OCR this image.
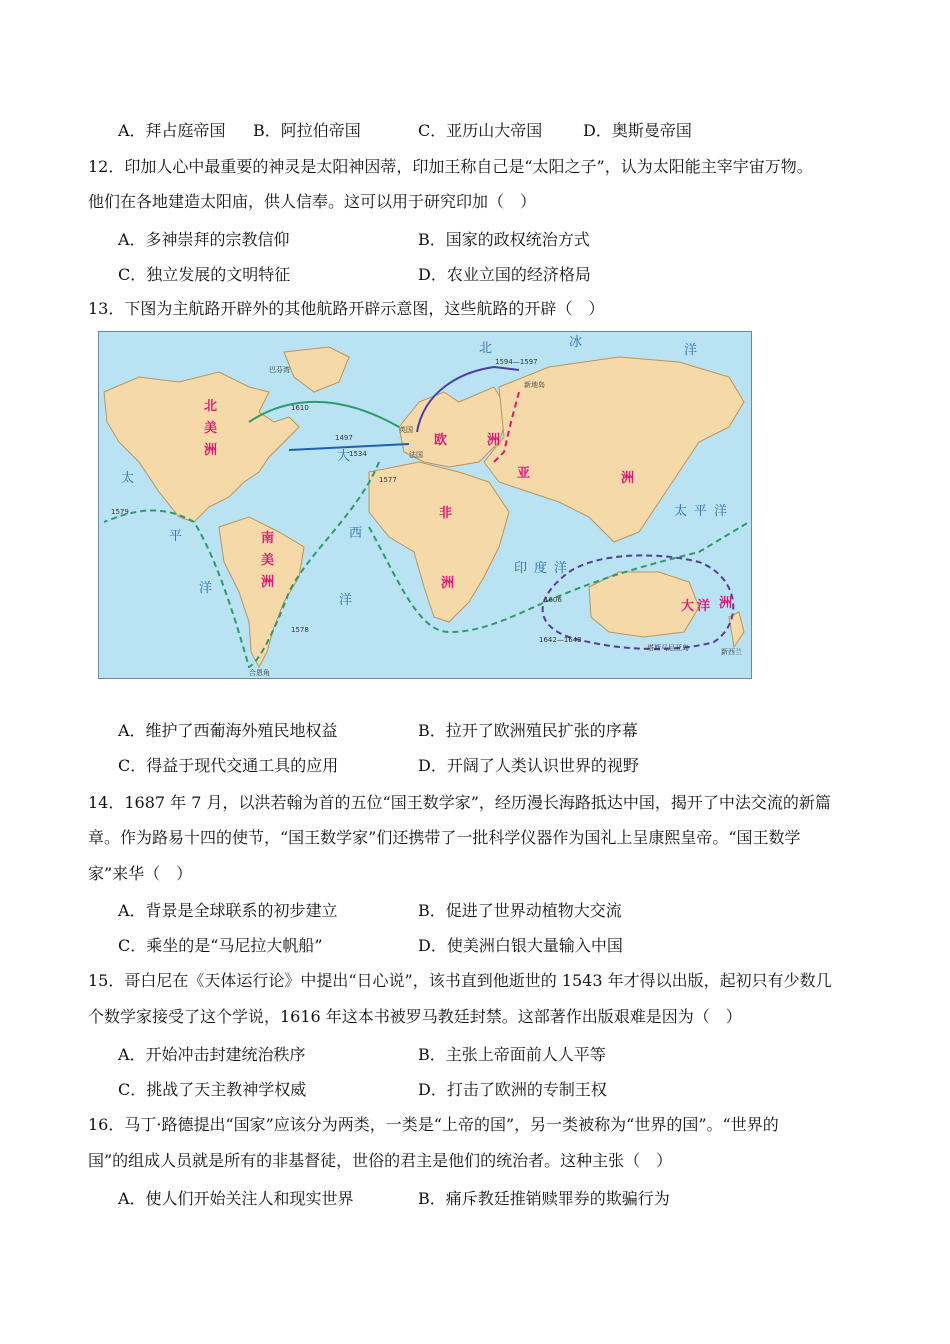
A．拜占庭帝国 B．阿拉伯帝国	C．亚历山大帝国	D．奥斯曼帝国
12．印加人心中最重要的神灵是太阳神因蒂，印加王称自己是“太阳之子”，认为太阳能主宰宇宙万物。
他们在各地建造太阳庙，供人信奉。这可以用于研究印加（　）
A．多神崇拜的宗教信仰	B．国家的政权统治方式
C．独立发展的文明特征	D．农业立国的经济格局
13．下图为主航路开辟外的其他航路开辟示意图，这些航路的开辟（　）
北
美
洲
南
美
洲
非
洲
欧	洲
亚	洲
大 洋 洲
北	冰
洋
太
平
洋
太 平 洋
大
西
洋
印 度 洋
1594—1597
1610
1497
1534
1577
1579
1578
1606
1642—1643
巴芬湾
新地岛
法国
英国
塔斯马尼亚岛	新西兰
合恩角
A．维护了西葡海外殖民地权益	B．拉开了欧洲殖民扩张的序幕
C．得益于现代交通工具的应用	D．开阔了人类认识世界的视野
14．1687 年 7 月，以洪若翰为首的五位“国王数学家”，经历漫长海路抵达中国，揭开了中法交流的新篇
章。作为路易十四的使节，“国王数学家”们还携带了一批科学仪器作为国礼上呈康熙皇帝。“国王数学
家”来华（　）
A．背景是全球联系的初步建立	B．促进了世界动植物大交流
C．乘坐的是“马尼拉大帆船”	D．使美洲白银大量输入中国
15．哥白尼在《天体运行论》中提出“日心说”，该书直到他逝世的 1543 年才得以出版，起初只有少数几
个数学家接受了这个学说，1616 年这本书被罗马教廷封禁。这部著作出版艰难是因为（　）
A．开始冲击封建统治秩序	B．主张上帝面前人人平等
C．挑战了天主教神学权威	D．打击了欧洲的专制王权
16．马丁·路德提出“国家”应该分为两类，一类是“上帝的国”，另一类被称为“世界的国”。“世界的
国”的组成人员就是所有的非基督徒，世俗的君主是他们的统治者。这种主张（　）
A．使人们开始关注人和现实世界	B．痛斥教廷推销赎罪券的欺骗行为
